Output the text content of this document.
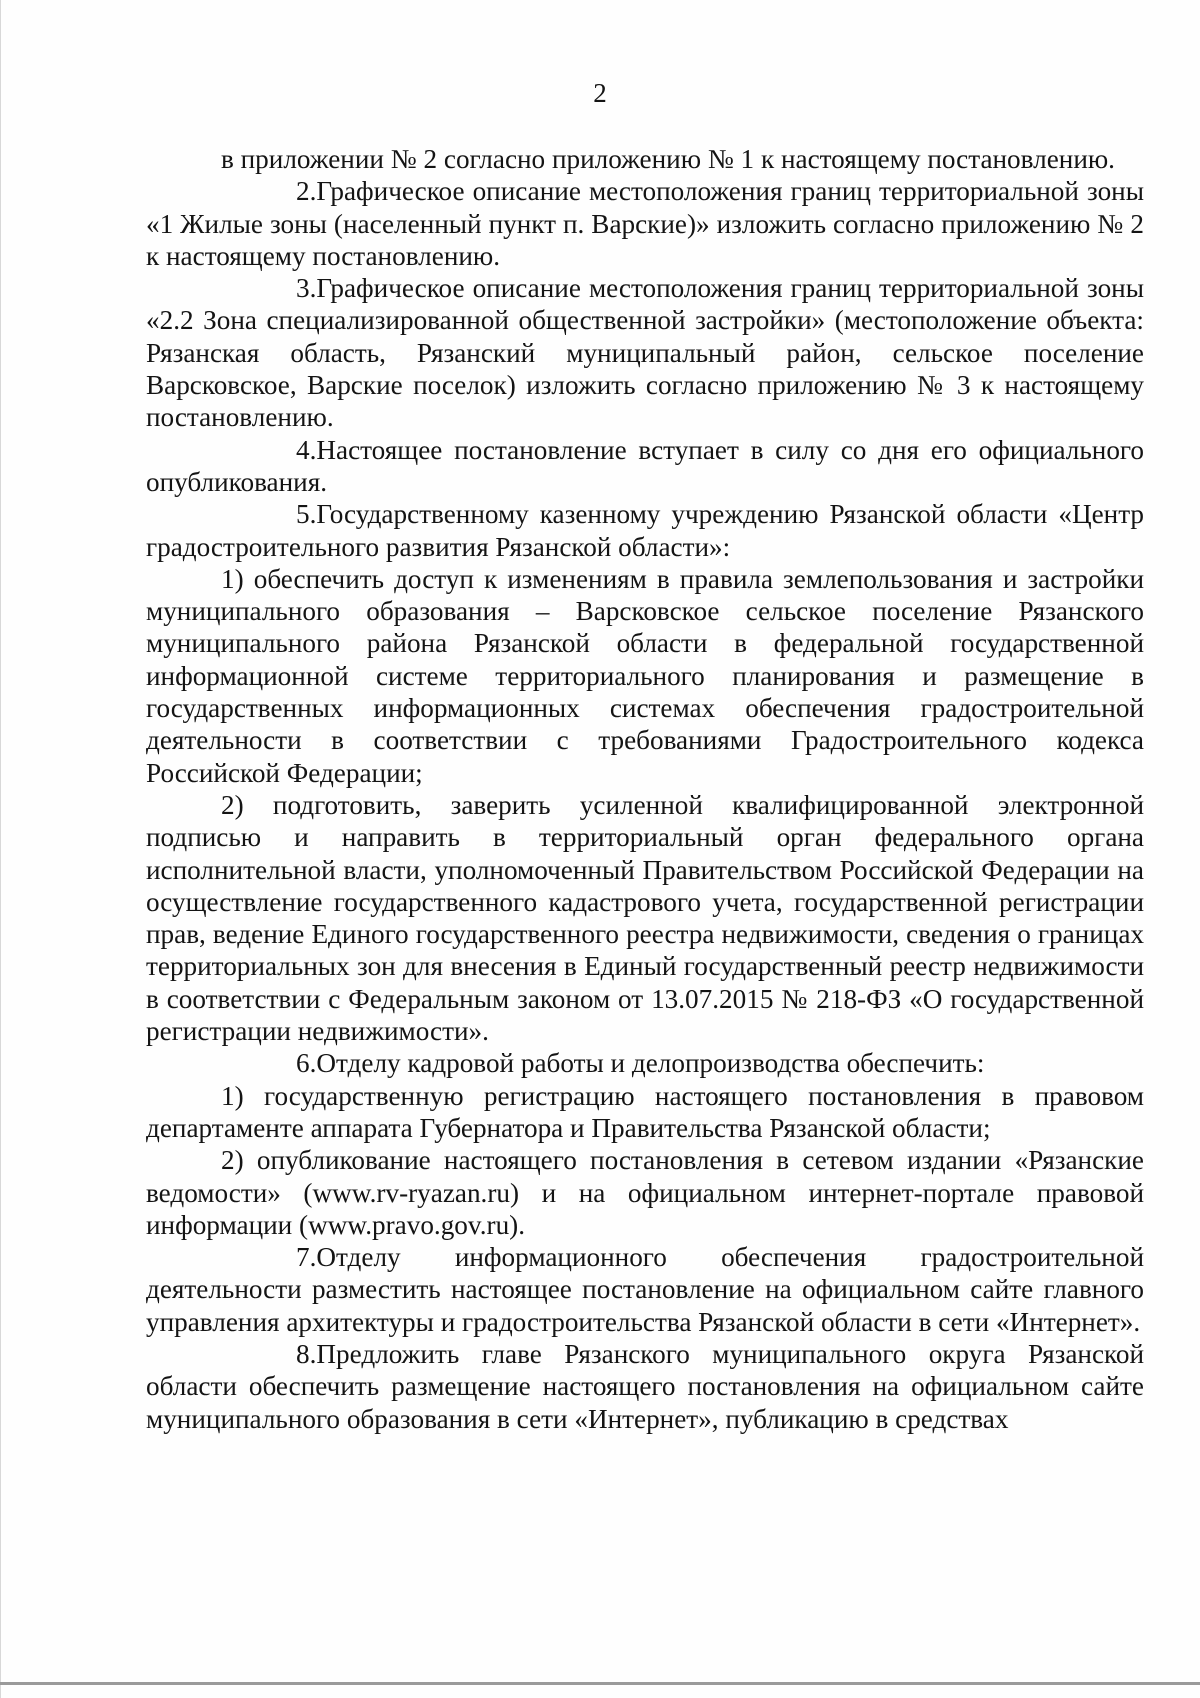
2

в приложении № 2 согласно приложению № 1 к настоящему постановлению.

2.Графическое описание местоположения границ территориальной зоны «1 Жилые зоны (населенный пункт п. Варские)» изложить согласно приложению № 2 к настоящему постановлению.

3.Графическое описание местоположения границ территориальной зоны «2.2 Зона специализированной общественной застройки» (местоположение объекта: Рязанская область, Рязанский муниципальный район, сельское поселение Варсковское, Варские поселок) изложить согласно приложению № 3 к настоящему постановлению.

4.Настоящее постановление вступает в силу со дня его официального опубликования.

5.Государственному казенному учреждению Рязанской области «Центр градостроительного развития Рязанской области»:

1) обеспечить доступ к изменениям в правила землепользования и застройки муниципального образования – Варсковское сельское поселение Рязанского муниципального района Рязанской области в федеральной государственной информационной системе территориального планирования и размещение в государственных информационных системах обеспечения градостроительной деятельности в соответствии с требованиями Градостроительного кодекса Российской Федерации;

2) подготовить, заверить усиленной квалифицированной электронной подписью и направить в территориальный орган федерального органа исполнительной власти, уполномоченный Правительством Российской Федерации на осуществление государственного кадастрового учета, государственной регистрации прав, ведение Единого государственного реестра недвижимости, сведения о границах территориальных зон для внесения в Единый государственный реестр недвижимости в соответствии с Федеральным законом от 13.07.2015 № 218-ФЗ «О государственной регистрации недвижимости».

6.Отделу кадровой работы и делопроизводства обеспечить:

1) государственную регистрацию настоящего постановления в правовом департаменте аппарата Губернатора и Правительства Рязанской области;

2) опубликование настоящего постановления в сетевом издании «Рязанские ведомости» (www.rv-ryazan.ru) и на официальном интернет-портале правовой информации (www.pravo.gov.ru).

7.Отделу информационного обеспечения градостроительной деятельности разместить настоящее постановление на официальном сайте главного управления архитектуры и градостроительства Рязанской области в сети «Интернет».

8.Предложить главе Рязанского муниципального округа Рязанской области обеспечить размещение настоящего постановления на официальном сайте муниципального образования в сети «Интернет», публикацию в средствах
